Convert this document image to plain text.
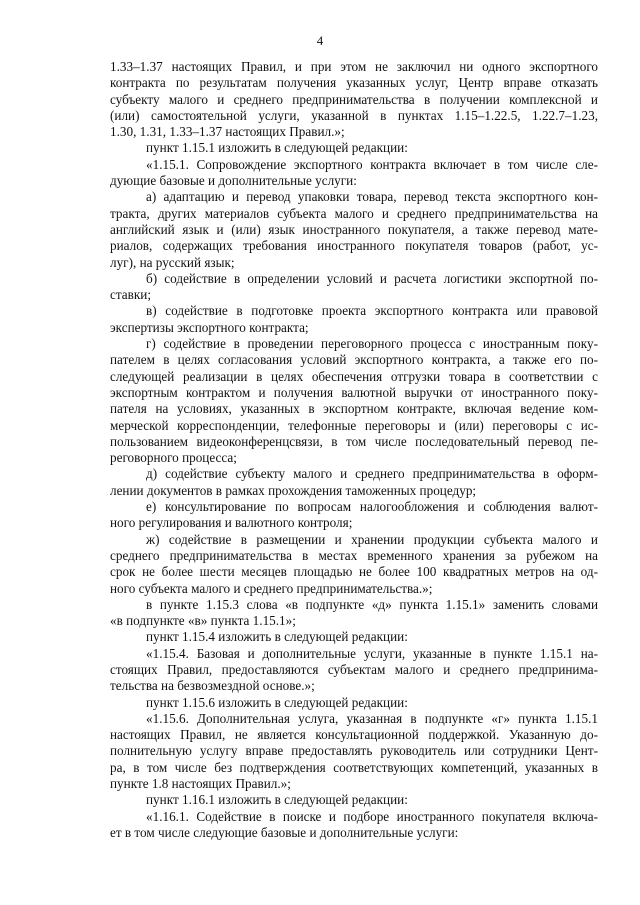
4
1.33–1.37 настоящих Правил, и при этом не заключил ни одного экспортного
контракта по результатам получения указанных услуг, Центр вправе отказать
субъекту малого и среднего предпринимательства в получении комплексной и
(или) самостоятельной услуги, указанной в пунктах 1.15–1.22.5, 1.22.7–1.23,
1.30, 1.31, 1.33–1.37 настоящих Правил.»;
пункт 1.15.1 изложить в следующей редакции:
«1.15.1. Сопровождение экспортного контракта включает в том числе сле-
дующие базовые и дополнительные услуги:
а) адаптацию и перевод упаковки товара, перевод текста экспортного кон-
тракта, других материалов субъекта малого и среднего предпринимательства на
английский язык и (или) язык иностранного покупателя, а также перевод мате-
риалов, содержащих требования иностранного покупателя товаров (работ, ус-
луг), на русский язык;
б) содействие в определении условий и расчета логистики экспортной по-
ставки;
в) содействие в подготовке проекта экспортного контракта или правовой
экспертизы экспортного контракта;
г) содействие в проведении переговорного процесса с иностранным поку-
пателем в целях согласования условий экспортного контракта, а также его по-
следующей реализации в целях обеспечения отгрузки товара в соответствии с
экспортным контрактом и получения валютной выручки от иностранного поку-
пателя на условиях, указанных в экспортном контракте, включая ведение ком-
мерческой корреспонденции, телефонные переговоры и (или) переговоры с ис-
пользованием видеоконференцсвязи, в том числе последовательный перевод пе-
реговорного процесса;
д) содействие субъекту малого и среднего предпринимательства в оформ-
лении документов в рамках прохождения таможенных процедур;
е) консультирование по вопросам налогообложения и соблюдения валют-
ного регулирования и валютного контроля;
ж) содействие в размещении и хранении продукции субъекта малого и
среднего предпринимательства в местах временного хранения за рубежом на
срок не более шести месяцев площадью не более 100 квадратных метров на од-
ного субъекта малого и среднего предпринимательства.»;
в пункте 1.15.3 слова «в подпункте «д» пункта 1.15.1» заменить словами
«в подпункте «в» пункта 1.15.1»;
пункт 1.15.4 изложить в следующей редакции:
«1.15.4. Базовая и дополнительные услуги, указанные в пункте 1.15.1 на-
стоящих Правил, предоставляются субъектам малого и среднего предпринима-
тельства на безвозмездной основе.»;
пункт 1.15.6 изложить в следующей редакции:
«1.15.6. Дополнительная услуга, указанная в подпункте «г» пункта 1.15.1
настоящих Правил, не является консультационной поддержкой. Указанную до-
полнительную услугу вправе предоставлять руководитель или сотрудники Цент-
ра, в том числе без подтверждения соответствующих компетенций, указанных в
пункте 1.8 настоящих Правил.»;
пункт 1.16.1 изложить в следующей редакции:
«1.16.1. Содействие в поиске и подборе иностранного покупателя включа-
ет в том числе следующие базовые и дополнительные услуги:
